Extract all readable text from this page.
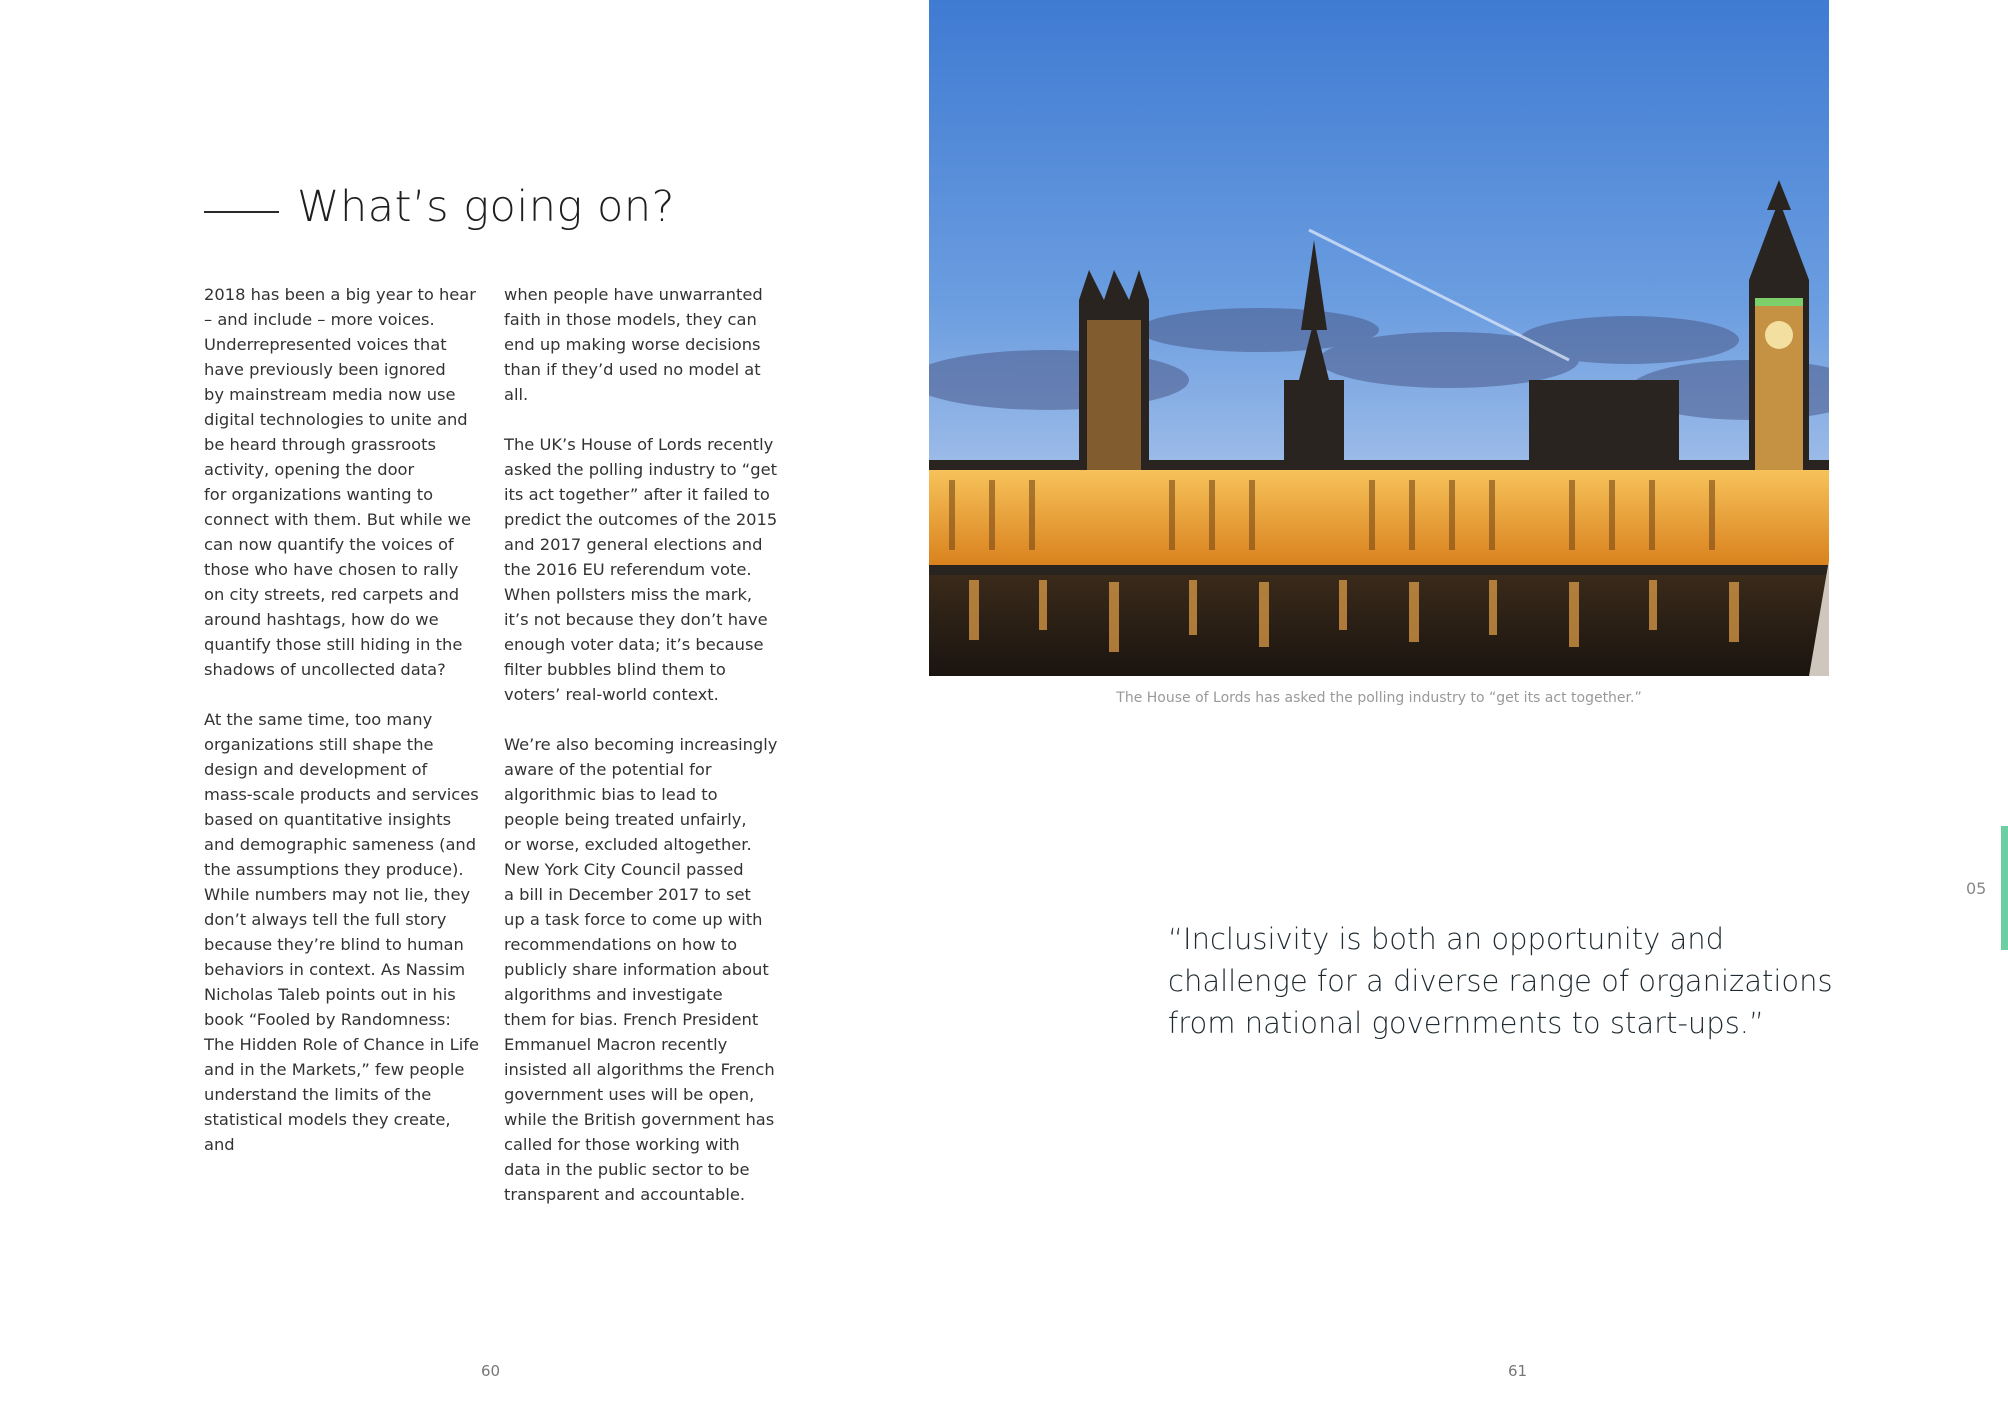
What’s going on?

2018 has been a big year to hear
– and include – more voices.
Underrepresented voices that
have previously been ignored
by mainstream media now use
digital technologies to unite and
be heard through grassroots
activity, opening the door
for organizations wanting to
connect with them. But while we
can now quantify the voices of
those who have chosen to rally
on city streets, red carpets and
around hashtags, how do we
quantify those still hiding in the
shadows of uncollected data?

At the same time, too many
organizations still shape the
design and development of
mass-scale products and services
based on quantitative insights
and demographic sameness (and
the assumptions they produce).
While numbers may not lie, they
don’t always tell the full story
because they’re blind to human
behaviors in context. As Nassim
Nicholas Taleb points out in his
book “Fooled by Randomness:
The Hidden Role of Chance in Life
and in the Markets,” few people
understand the limits of the
statistical models they create, and

when people have unwarranted
faith in those models, they can
end up making worse decisions
than if they’d used no model at all.

The UK’s House of Lords recently
asked the polling industry to “get
its act together” after it failed to
predict the outcomes of the 2015
and 2017 general elections and
the 2016 EU referendum vote.
When pollsters miss the mark,
it’s not because they don’t have
enough voter data; it’s because
filter bubbles blind them to
voters’ real-world context.

We’re also becoming increasingly
aware of the potential for
algorithmic bias to lead to
people being treated unfairly,
or worse, excluded altogether.
New York City Council passed
a bill in December 2017 to set
up a task force to come up with
recommendations on how to
publicly share information about
algorithms and investigate
them for bias. French President
Emmanuel Macron recently
insisted all algorithms the French
government uses will be open,
while the British government has
called for those working with
data in the public sector to be
transparent and accountable.

The House of Lords has asked the polling industry to “get its act together.”

“Inclusivity is both an opportunity and
challenge for a diverse range of organizations
from national governments to start-ups.”

05
60	61
